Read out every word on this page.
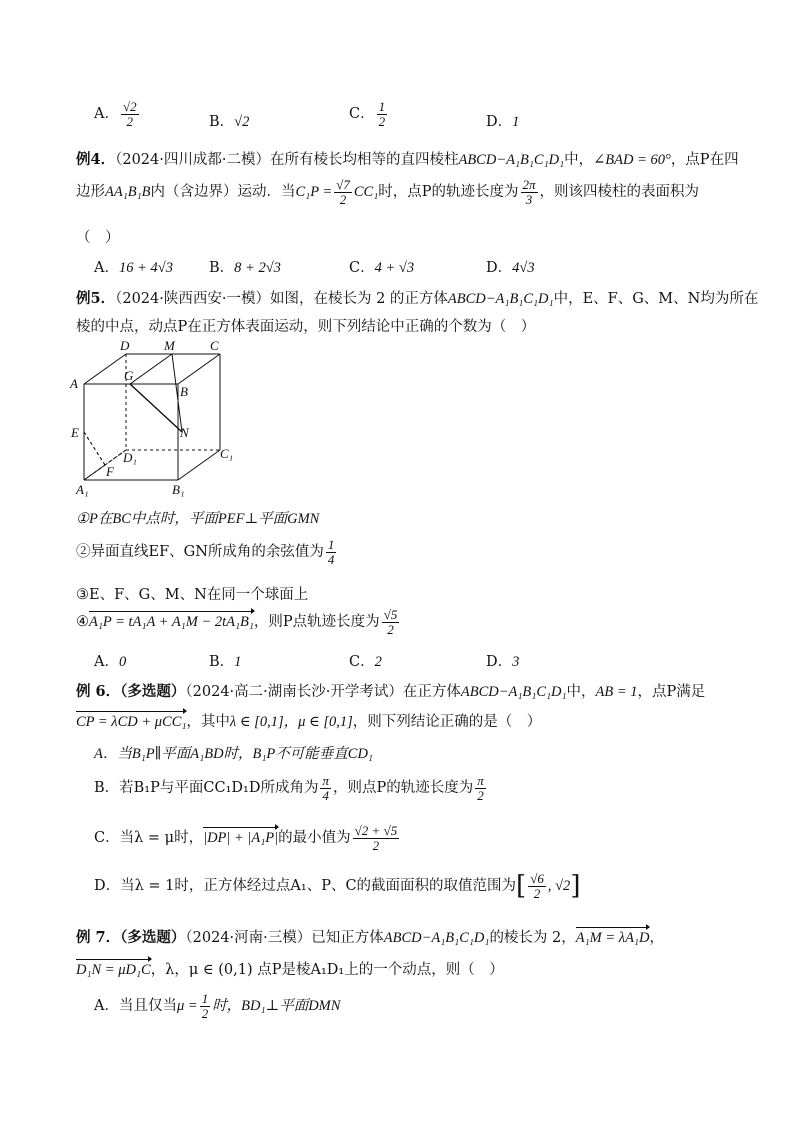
A． $\frac{√2}{2}$	B．√2	C． $\frac{1}{2}$	D．1
例4．（2024·四川成都·二模）在所有棱长均相等的直四棱柱ABCD−A₁B₁C₁D₁中，∠BAD = 60°，点P在四
边形AA₁B₁B内（含边界）运动．当$C_1P = \frac{√7}{2} CC_1$时，点P的轨迹长度为 $\frac{2\pi}{3}$ ，则该四棱柱的表面积为
（　）
A．16 + 4√3 B．8 + 2√3	C．4 + √3	D．4√3
例5．（2024·陕西西安·一模）如图，在棱长为 2 的正方体ABCD−A₁B₁C₁D₁中，E、F、G、M、N均为所在
棱的中点，动点P在正方体表面运动，则下列结论中正确的个数为（　）
D	M	C
A
G
B
N
E
D₁	C₁
F
A₁	B₁
①P在BC中点时，平面PEF⊥平面GMN
②异面直线EF、GN所成角的余弦值为 $\frac{1}{4}$
③E、F、G、M、N在同一个球面上
④A₁P = tA₁A + A₁M − 2tA₁B₁，则P点轨迹长度为 $\frac{√5}{2}$
A．0	B．1	C．2	D．3
例 6．（多选题）（2024·高二·湖南长沙·开学考试）在正方体ABCD−A₁B₁C₁D₁中，AB = 1，点P满足
CP = λCD + μCC₁，其中λ ∈ [0,1]，μ ∈ [0,1]，则下列结论正确的是（　）
A．当B₁P∥平面A₁BD时，B₁P不可能垂直CD₁
B．若B₁P与平面CC₁D₁D所成角为 $\frac{\pi}{4}$ ，则点P的轨迹长度为 $\frac{\pi}{2}$
C．当λ = μ时，|DP| + |A₁P|的最小值为 $\frac{√2 + √5}{2}$
D．当λ = 1时，正方体经过点A₁、P、C的截面面积的取值范围为[ $\frac{√6}{2}$ , √2]
例 7．（多选题）（2024·河南·三模）已知正方体ABCD−A₁B₁C₁D₁的棱长为 2，A₁M = λA₁D，
D₁N = μD₁C，λ，μ ∈ (0,1) 点P是棱A₁D₁上的一个动点，则（　）
A．当且仅当$\mu = \frac{1}{2}$ 时，BD₁⊥平面DMN
